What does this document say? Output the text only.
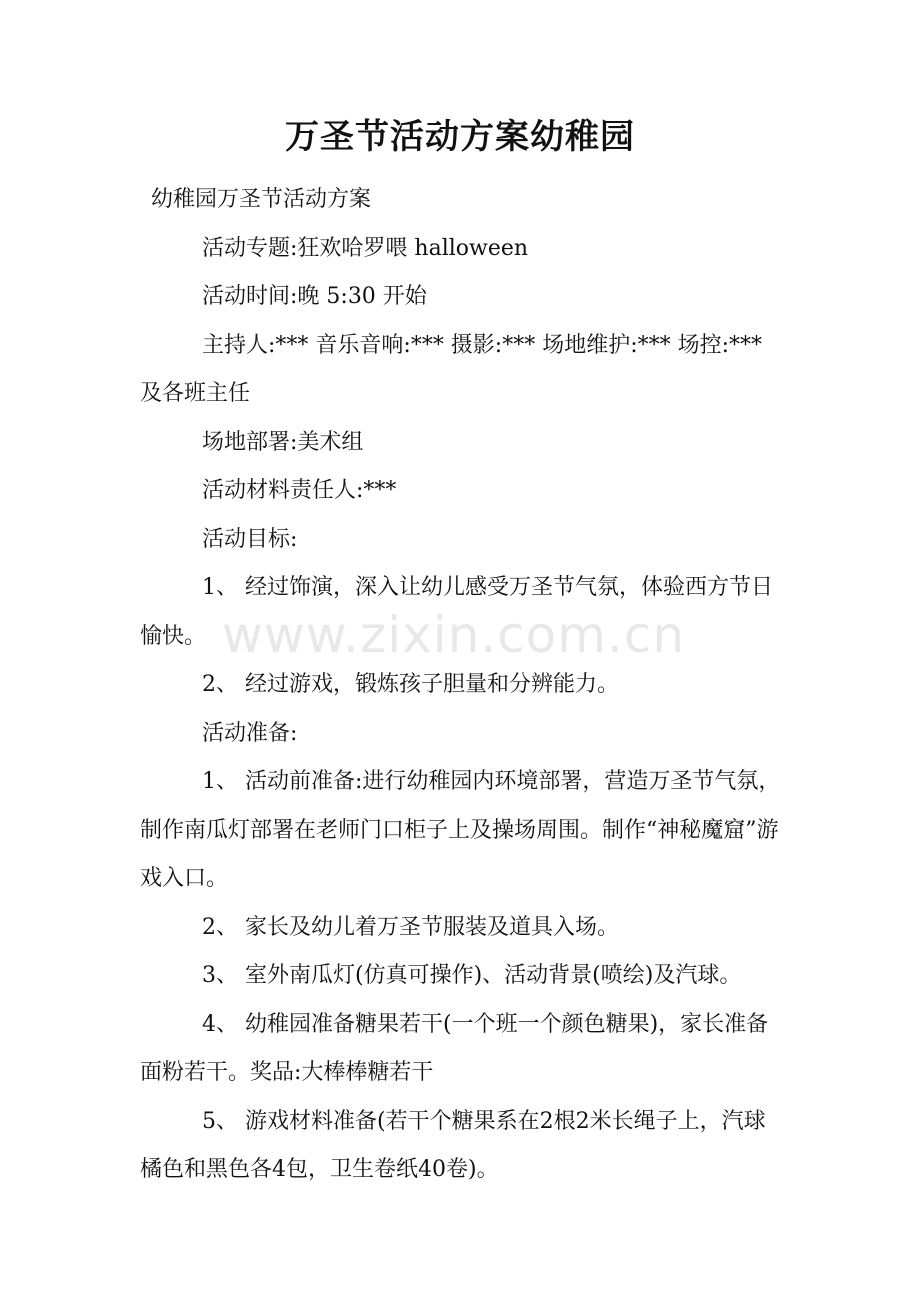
万圣节活动方案幼稚园

幼稚园万圣节活动方案

活动专题:狂欢哈罗喂 halloween

活动时间:晚 5:30 开始

主持人:*** 音乐音响:*** 摄影:*** 场地维护:*** 场控:***及各班主任

场地部署:美术组

活动材料责任人:***

活动目标:

1、 经过饰演，深入让幼儿感受万圣节气氛，体验西方节日愉快。

2、 经过游戏，锻炼孩子胆量和分辨能力。

活动准备:

1、 活动前准备:进行幼稚园内环境部署，营造万圣节气氛，制作南瓜灯部署在老师门口柜子上及操场周围。制作“神秘魔窟”游戏入口。

2、 家长及幼儿着万圣节服装及道具入场。

3、 室外南瓜灯(仿真可操作)、活动背景(喷绘)及汽球。

4、 幼稚园准备糖果若干(一个班一个颜色糖果)，家长准备面粉若干。奖品:大棒棒糖若干

5、 游戏材料准备(若干个糖果系在2根2米长绳子上，汽球橘色和黑色各4包，卫生卷纸40卷)。

www.zixin.com.cn
